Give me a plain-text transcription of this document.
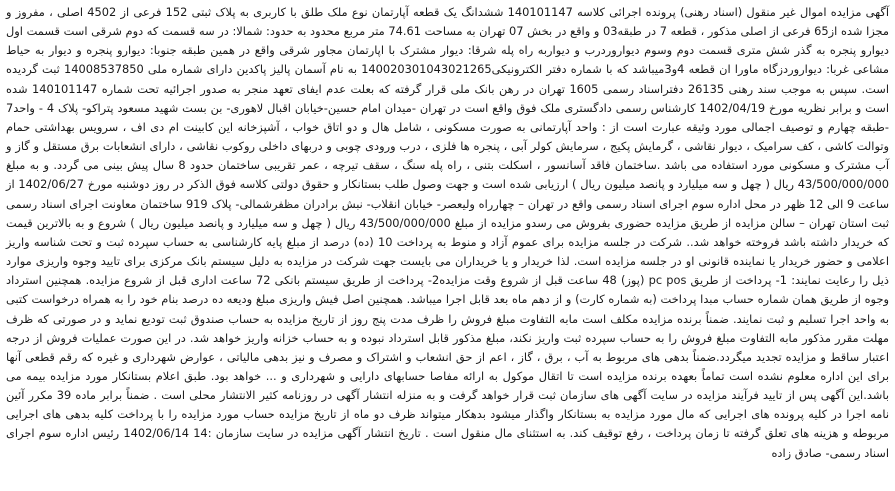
آگهی مزایده اموال غیر منقول (اسناد رهنی) پرونده اجرائی کلاسه 140101147 ششدانگ یک قطعه آپارتمان نوع ملک طلق با کاربری به پلاک ثبتی 152 فرعی از 4502 اصلی ، مفروز و مجزا شده از65 فرعی از اصلی مذکور ، قطعه 7 در طبقه03 و واقع در بخش 07 تهران به مساحت 74.61 متر مربع محدود به حدود: شمالا: در سه قسمت که دوم شرقی است قسمت اول دیوارو پنجره به گذر شش متری قسمت دوم وسوم دیواروردرب و دیواربه راه پله شرقا: دیوار مشترک با اپارتمان مجاور شرقی واقع در همین طبقه جنوبا: دیوارو پنجره و دیوار به حیاط مشاعی غربا: دیواروردزگاه ماورا ان قطعه 4و3میباشد که با شماره دفتر الکترونیکی140020301043021265 به نام آسمان پالیز پاکدین دارای شماره ملی 14008537850 ثبت گردیده است. سپس به موجب سند رهنی 26135 دفتراسناد رسمی 1605 تهران در رهن بانک ملی قرار گرفته که بعلت عدم ایفای تعهد منجر به صدور اجرائیه تحت شماره 140101147 شده است و برابر نظریه مورخ 1402/04/19 کارشناس رسمی دادگستری ملک فوق واقع است در تهران -میدان امام حسین-خیابان اقبال لاهوری- بن بست شهید مسعود پتراکو- پلاک 4 - واحد7 -طبقه چهارم و توصیف اجمالی مورد وثیقه عبارت است از : واحد آپارتمانی به صورت مسکونی ، شامل هال و دو اتاق خواب ، آشپزخانه این کابینت ام دی اف ، سرویس بهداشتی حمام وتوالت کاشی ، کف سرامیک ، دیوار نقاشی ، گرمایش پکیج ، سرمایش کولر آبی ، پنجره ها فلزی ، درب ورودی چوبی و دربهای داخلی روکوب نقاشی ، دارای انشعابات برق مستقل و گاز و آب مشترک و مسکونی مورد استفاده می باشد .ساختمان فاقد آسانسور ، اسکلت بتنی ، راه پله سنگ ، سقف تیرچه ، عمر تقریبی ساختمان حدود 8 سال پیش بینی می گردد. و به مبلغ 43/500/000/000 ریال ( چهل و سه میلیارد و پانصد میلیون ریال ) ارزیابی شده است و جهت وصول طلب بستانکار و حقوق دولتی کلاسه فوق الذکر در روز دوشنبه مورخ 1402/06/27 از ساعت 9 الی 12 ظهر در محل اداره سوم اجرای اسناد رسمی واقع در تهران – چهارراه ولیعصر- خیابان انقلاب- نبش برادران مظفرشمالی- پلاک 919 ساختمان معاونت اجرای اسناد رسمی ثبت استان تهران – سالن مزایده از طریق مزایده حضوری بفروش می رسدو مزایده از مبلغ 43/500/000/000 ریال ( چهل و سه میلیارد و پانصد میلیون ریال ) شروع و به بالاترین قیمت که خریدار داشته باشد فروخته خواهد شد.. شرکت در جلسه مزایده برای عموم آزاد و منوط به پرداخت 10 (ده) درصد از مبلغ پایه کارشناسی به حساب سپرده ثبت و تحت شناسه واریز اعلامی و حضور خریدار یا نماینده قانونی او در جلسه مزایده است. لذا خریدار و یا خریداران می بایست جهت شرکت در مزایده به دلیل سیستم بانک مرکزی برای تایید وجوه واریزی موارد ذیل را رعایت نمایند: 1- پرداخت از طریق pc pos (پوز) 48 ساعت قبل از شروع وقت مزایده2- پرداخت از طریق سیستم بانکی 72 ساعت اداری قبل از شروع مزایده. همچنین استرداد وجوه از طریق همان شماره حساب مبدا پرداخت (به شماره کارت) و از دهم ماه بعد قابل اجرا میباشد. همچنین اصل فیش واریزی مبلغ ودیعه ده درصد بنام خود را به همراه درخواست کتبی به واحد اجرا تسلیم و ثبت نمایند. ضمناً برنده مزایده مکلف است مابه التفاوت مبلغ فروش را ظرف مدت پنج روز از تاریخ مزایده به حساب صندوق ثبت تودیع نماید و در صورتی که ظرف مهلت مقرر مذکور مابه التفاوت مبلغ فروش را به حساب سپرده ثبت واریز نکند، مبلغ مذکور قابل استرداد نبوده و به حساب خزانه واریز خواهد شد. در این صورت عملیات فروش از درجه اعتبار ساقط و مزایده تجدید میگردد.ضمناً بدهی های مربوط به آب ، برق ، گاز ، اعم از حق انشعاب و اشتراک و مصرف و نیز بدهی مالیاتی ، عوارض شهرداری و غیره که رقم قطعی آنها برای این اداره معلوم نشده است تماماً بعهده برنده مزایده است تا اتقال موکول به ارائه مفاصا حسابهای دارایی و شهرداری و ... خواهد بود. طبق اعلام بستانکار مورد مزایده بیمه می باشد.این آگهی پس از تایید فرآیند مزایده در سایت آگهی های سازمان ثبت قرار خواهد گرفت و به منزله انتشار آگهی در روزنامه کثیر الانتشار محلی است . ضمناً برابر ماده 39 مکرر آئین نامه اجرا در کلیه پرونده های اجرایی که مال مورد مزایده به بستانکار واگذار میشود بدهکار میتواند ظرف دو ماه از تاریخ مزایده حساب مورد مزایده را با پرداخت کلیه بدهی های اجرایی مربوطه و هزینه های تعلق گرفته تا زمان پرداخت ، رفع توقیف کند. به استثنای مال منقول است . تاریخ انتشار آگهی مزایده در سایت سازمان :14 1402/06/14 رئیس اداره سوم اجرای اسناد رسمی- صادق زاده
